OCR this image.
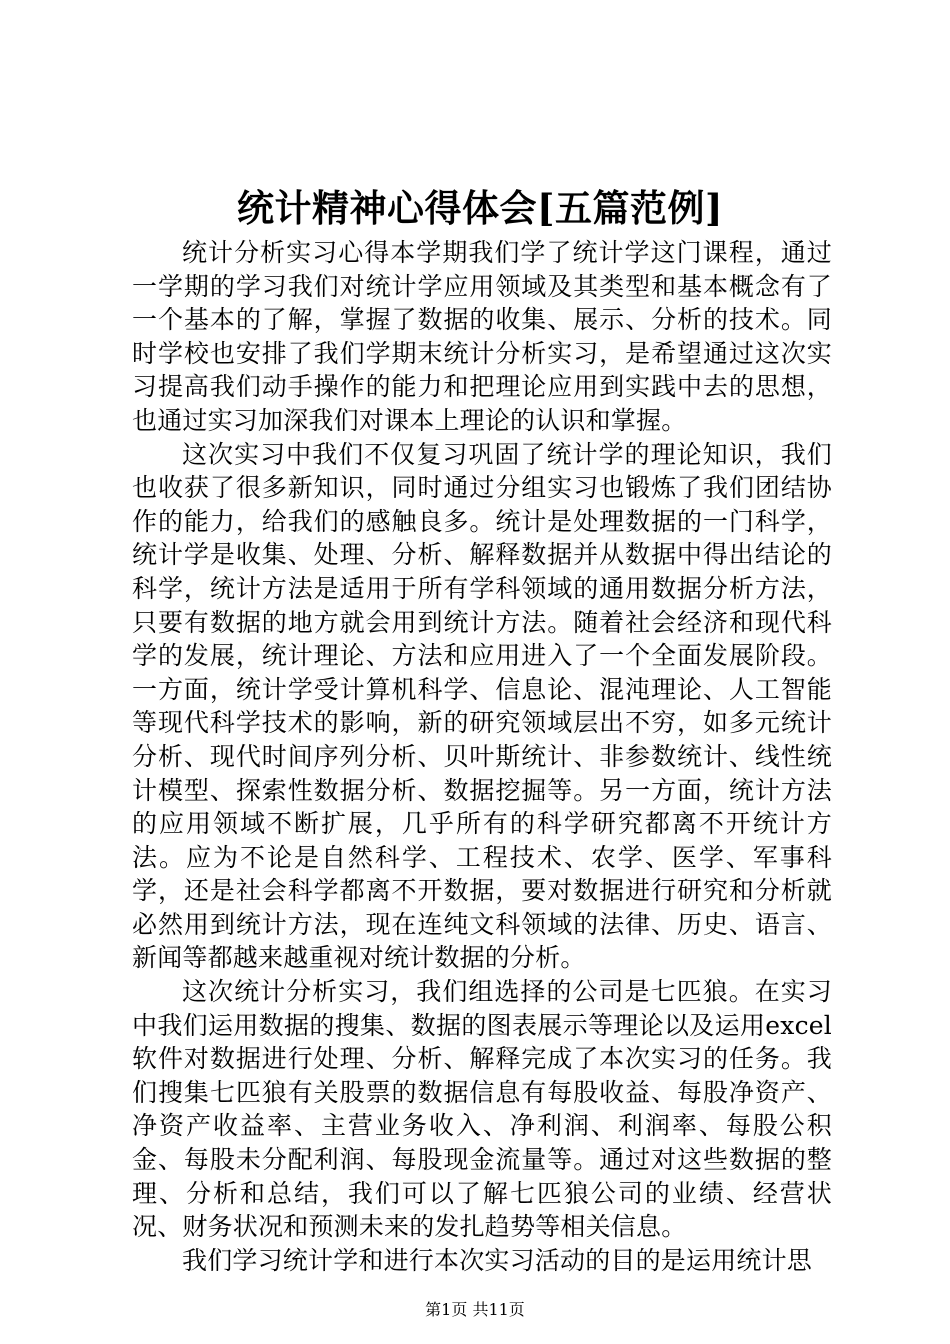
统计精神心得体会[五篇范例]

统计分析实习心得本学期我们学了统计学这门课程，通过一学期的学习我们对统计学应用领域及其类型和基本概念有了一个基本的了解，掌握了数据的收集、展示、分析的技术。同时学校也安排了我们学期末统计分析实习，是希望通过这次实习提高我们动手操作的能力和把理论应用到实践中去的思想，也通过实习加深我们对课本上理论的认识和掌握。

这次实习中我们不仅复习巩固了统计学的理论知识，我们也收获了很多新知识，同时通过分组实习也锻炼了我们团结协作的能力，给我们的感触良多。统计是处理数据的一门科学，统计学是收集、处理、分析、解释数据并从数据中得出结论的科学，统计方法是适用于所有学科领域的通用数据分析方法，只要有数据的地方就会用到统计方法。随着社会经济和现代科学的发展，统计理论、方法和应用进入了一个全面发展阶段。一方面，统计学受计算机科学、信息论、混沌理论、人工智能等现代科学技术的影响，新的研究领域层出不穷，如多元统计分析、现代时间序列分析、贝叶斯统计、非参数统计、线性统计模型、探索性数据分析、数据挖掘等。另一方面，统计方法的应用领域不断扩展，几乎所有的科学研究都离不开统计方法。应为不论是自然科学、工程技术、农学、医学、军事科学，还是社会科学都离不开数据，要对数据进行研究和分析就必然用到统计方法，现在连纯文科领域的法律、历史、语言、新闻等都越来越重视对统计数据的分析。

这次统计分析实习，我们组选择的公司是七匹狼。在实习中我们运用数据的搜集、数据的图表展示等理论以及运用excel软件对数据进行处理、分析、解释完成了本次实习的任务。我们搜集七匹狼有关股票的数据信息有每股收益、每股净资产、净资产收益率、主营业务收入、净利润、利润率、每股公积金、每股未分配利润、每股现金流量等。通过对这些数据的整理、分析和总结，我们可以了解七匹狼公司的业绩、经营状况、财务状况和预测未来的发扎趋势等相关信息。

我们学习统计学和进行本次实习活动的目的是运用统计思

第1页 共11页
